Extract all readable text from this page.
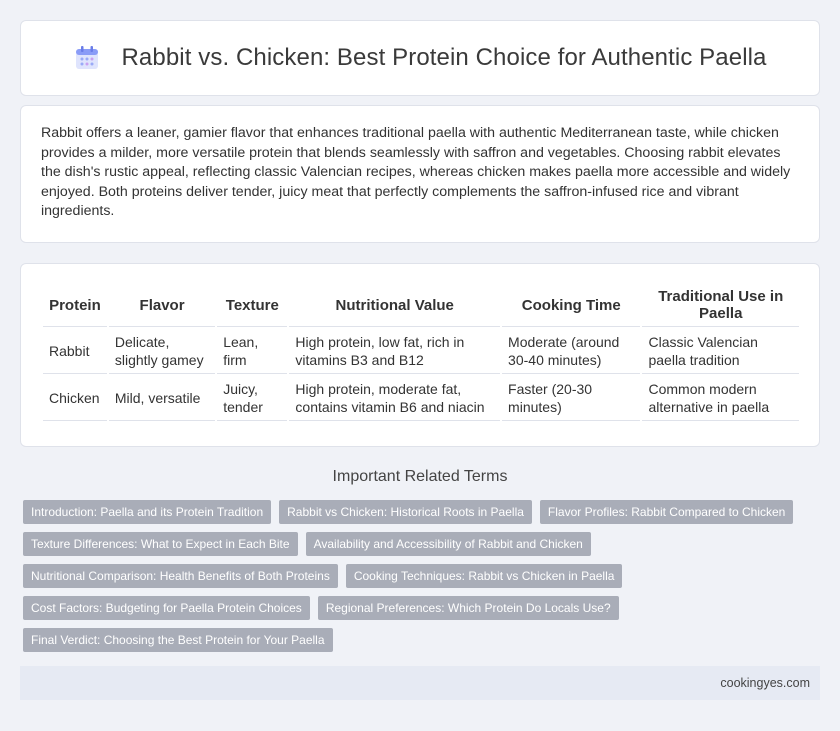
Rabbit vs. Chicken: Best Protein Choice for Authentic Paella

Rabbit offers a leaner, gamier flavor that enhances traditional paella with authentic Mediterranean taste, while chicken provides a milder, more versatile protein that blends seamlessly with saffron and vegetables. Choosing rabbit elevates the dish's rustic appeal, reflecting classic Valencian recipes, whereas chicken makes paella more accessible and widely enjoyed. Both proteins deliver tender, juicy meat that perfectly complements the saffron-infused rice and vibrant ingredients.

Protein	Flavor	Texture	Nutritional Value	Cooking Time	Traditional Use in Paella
Rabbit	Delicate, slightly gamey	Lean, firm	High protein, low fat, rich in vitamins B3 and B12	Moderate (around 30-40 minutes)	Classic Valencian paella tradition
Chicken	Mild, versatile	Juicy, tender	High protein, moderate fat, contains vitamin B6 and niacin	Faster (20-30 minutes)	Common modern alternative in paella
Important Related Terms
Introduction: Paella and its Protein Tradition	Rabbit vs Chicken: Historical Roots in Paella	Flavor Profiles: Rabbit Compared to Chicken
Texture Differences: What to Expect in Each Bite	Availability and Accessibility of Rabbit and Chicken
Nutritional Comparison: Health Benefits of Both Proteins	Cooking Techniques: Rabbit vs Chicken in Paella
Cost Factors: Budgeting for Paella Protein Choices	Regional Preferences: Which Protein Do Locals Use?
Final Verdict: Choosing the Best Protein for Your Paella
cookingyes.com
